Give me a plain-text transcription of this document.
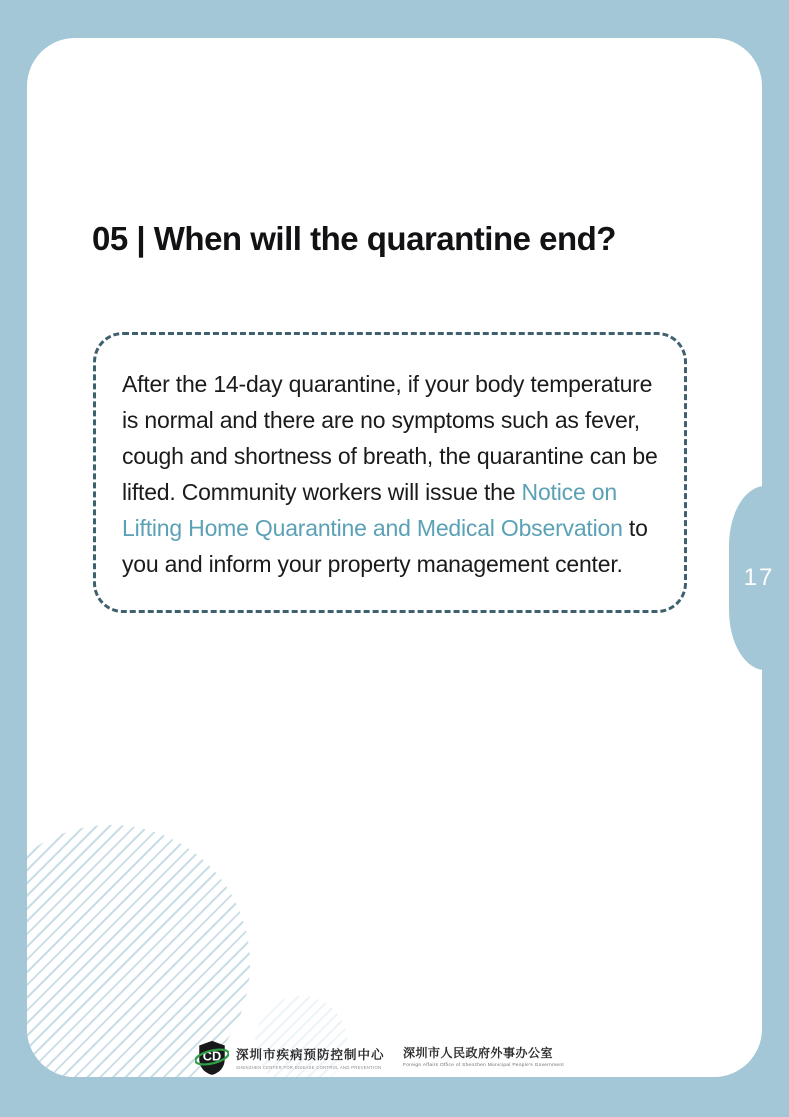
05 | When will the quarantine end?

After the 14-day quarantine, if your body temperature is normal and there are no symptoms such as fever, cough and shortness of breath, the quarantine can be lifted. Community workers will issue the Notice on Lifting Home Quarantine and Medical Observation to you and inform your property management center.

CD 深圳市疾病预防控制中心
SHENZHEN CENTER FOR DISEASE CONTROL AND PREVENTION
深圳市人民政府外事办公室
Foreign Affairs Office of Shenzhen Municipal People's Government
17
